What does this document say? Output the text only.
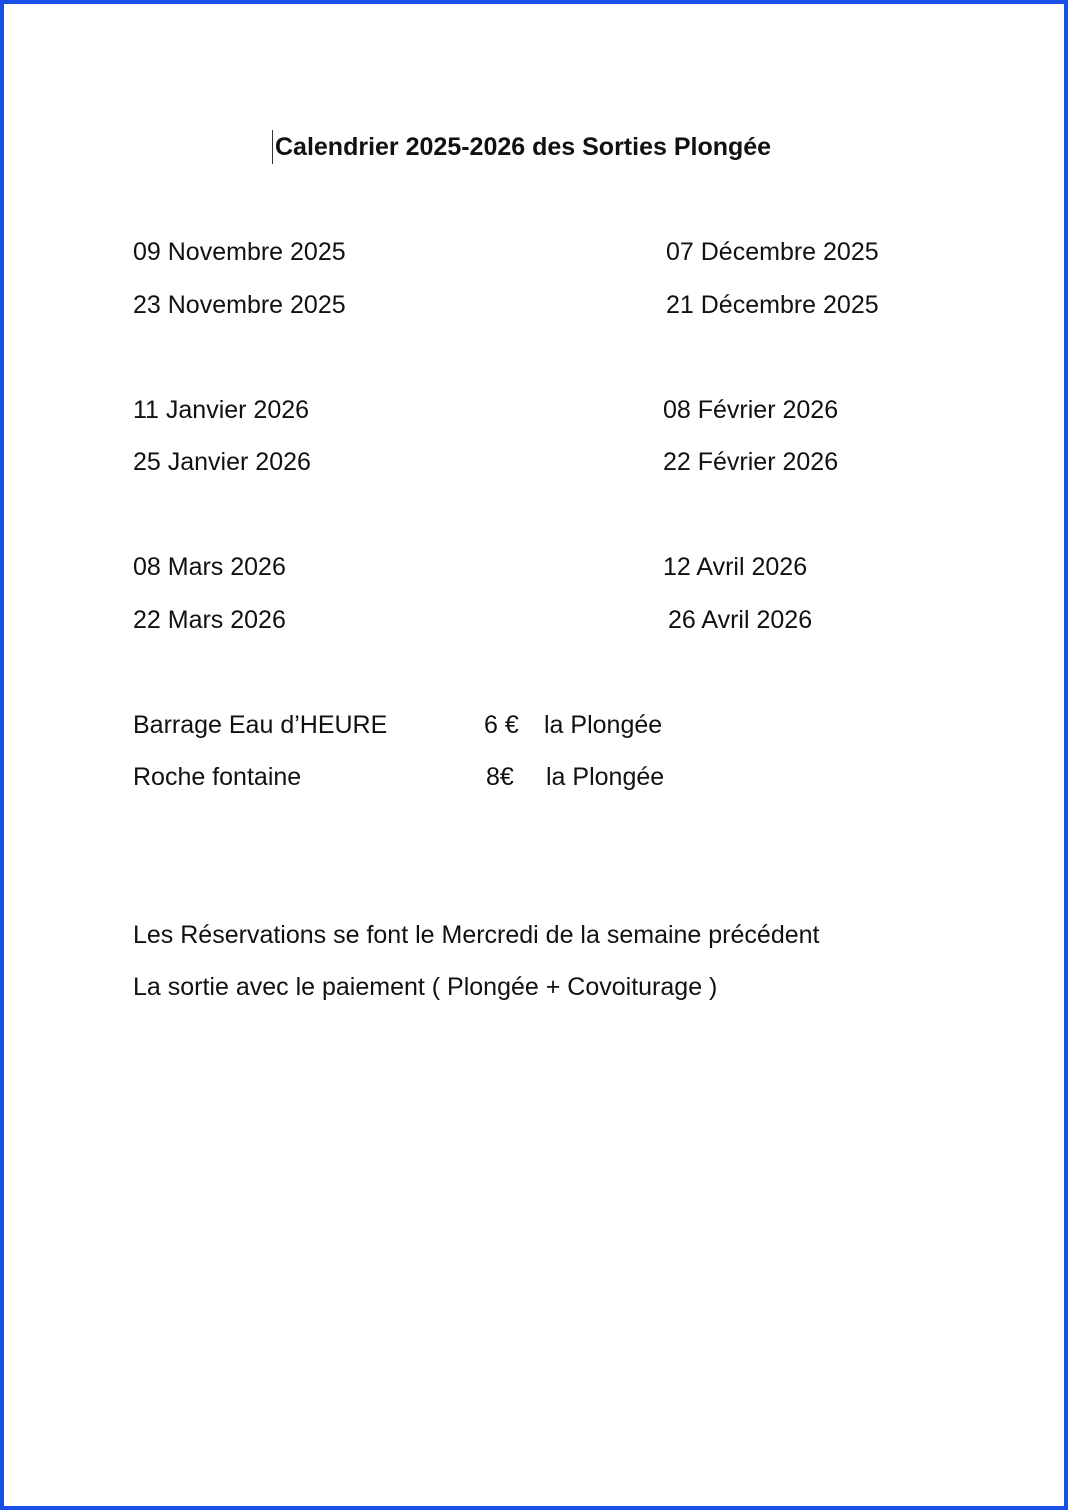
Calendrier 2025-2026 des Sorties Plongée
09 Novembre 2025
23 Novembre 2025
11 Janvier 2026
25 Janvier 2026
08 Mars 2026
22 Mars 2026
07 Décembre 2025
21 Décembre 2025
08 Février 2026
22 Février 2026
12 Avril 2026
26 Avril 2026
Barrage Eau d’HEURE	6 € la Plongée
Roche fontaine	8€ la Plongée
Les Réservations se font le Mercredi de la semaine précédent
La sortie avec le paiement ( Plongée + Covoiturage )
